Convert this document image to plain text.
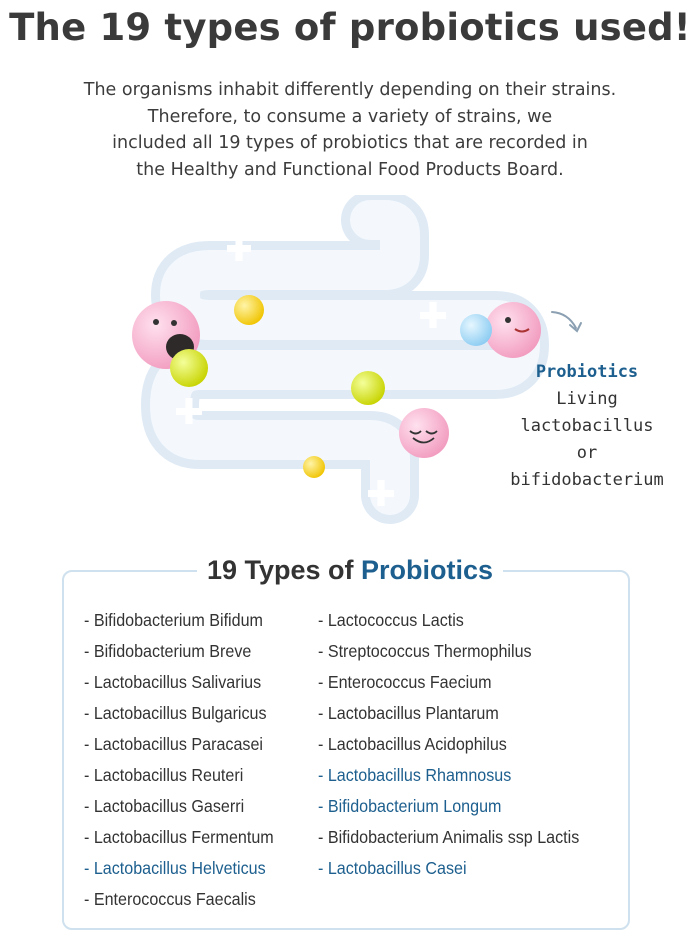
The 19 types of probiotics used!
The organisms inhabit differently depending on their strains.
Therefore, to consume a variety of strains, we
included all 19 types of probiotics that are recorded in
the Healthy and Functional Food Products Board.
Probiotics
Living
lactobacillus
or
bifidobacterium
19 Types of Probiotics
- Bifidobacterium Bifidum
- Bifidobacterium Breve
- Lactobacillus Salivarius
- Lactobacillus Bulgaricus
- Lactobacillus Paracasei
- Lactobacillus Reuteri
- Lactobacillus Gaserri
- Lactobacillus Fermentum
- Lactobacillus Helveticus
- Enterococcus Faecalis
- Lactococcus Lactis
- Streptococcus Thermophilus
- Enterococcus Faecium
- Lactobacillus Plantarum
- Lactobacillus Acidophilus
- Lactobacillus Rhamnosus
- Bifidobacterium Longum
- Bifidobacterium Animalis ssp Lactis
- Lactobacillus Casei
